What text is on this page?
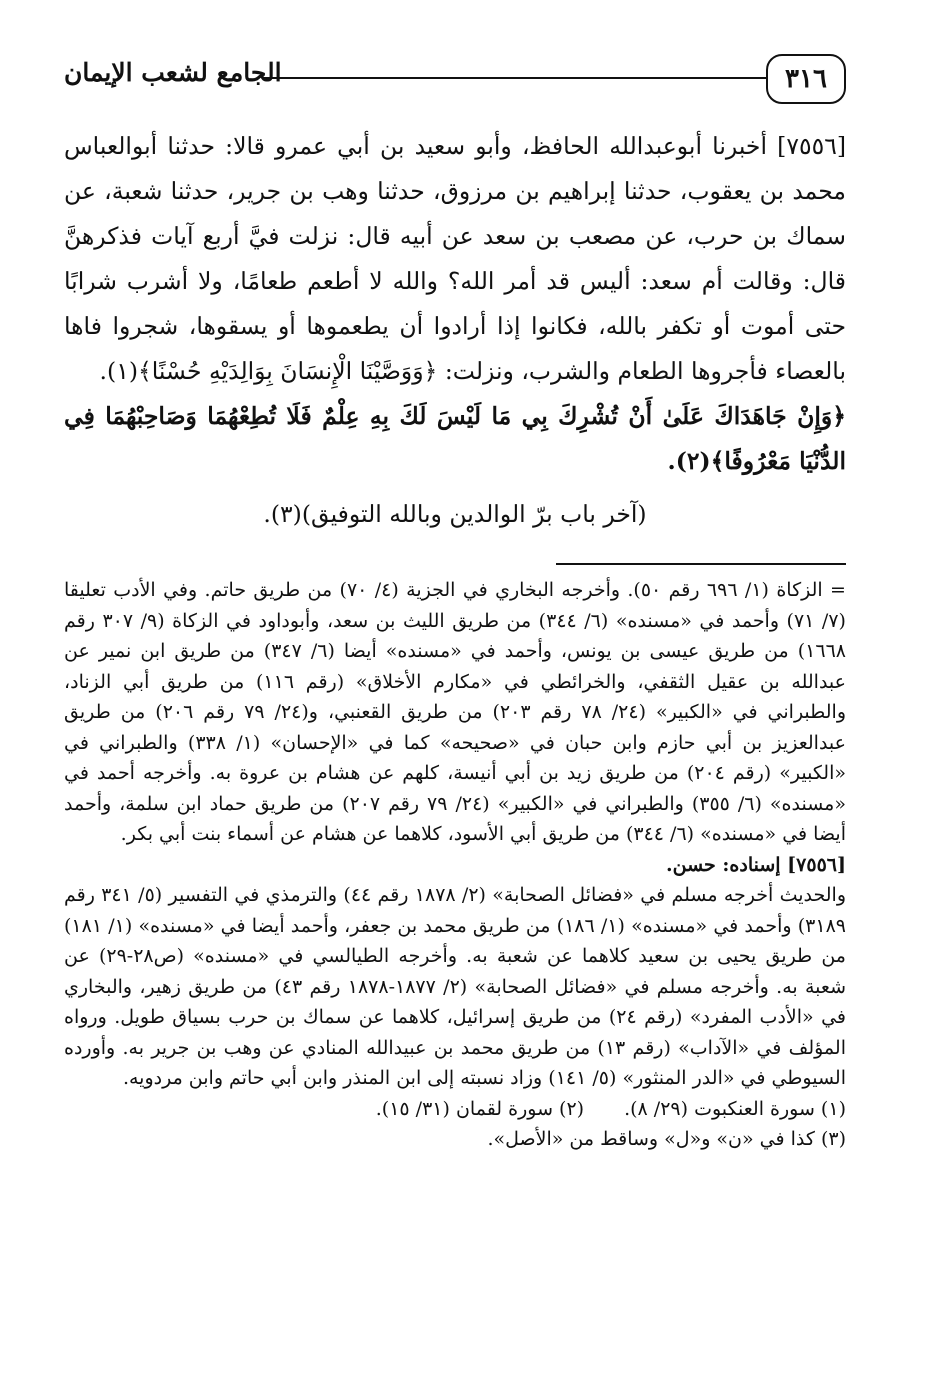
٣١٦
الجامع لشعب الإيمان

[٧٥٥٦] أخبرنا أبوعبدالله الحافظ، وأبو سعيد بن أبي عمرو قالا: حدثنا أبوالعباس محمد بن يعقوب، حدثنا إبراهيم بن مرزوق، حدثنا وهب بن جرير، حدثنا شعبة، عن سماك بن حرب، عن مصعب بن سعد عن أبيه قال: نزلت فيَّ أربع آيات فذكرهنَّ قال: وقالت أم سعد: أليس قد أمر الله؟ والله لا أطعم طعامًا، ولا أشرب شرابًا حتى أموت أو تكفر بالله، فكانوا إذا أرادوا أن يطعموها أو يسقوها، شجروا فاها بالعصاء فأجروها الطعام والشرب، ونزلت: ﴿وَوَصَّيْنَا الْإِنسَانَ بِوَالِدَيْهِ حُسْنًا﴾(١).

﴿وَإِنْ جَاهَدَاكَ عَلَىٰ أَنْ تُشْرِكَ بِي مَا لَيْسَ لَكَ بِهِ عِلْمٌ فَلَا تُطِعْهُمَا وَصَاحِبْهُمَا فِي الدُّنْيَا مَعْرُوفًا﴾(٢).

(آخر باب برّ الوالدين وبالله التوفيق)(٣).

= الزكاة (١/ ٦٩٦ رقم ٥٠). وأخرجه البخاري في الجزية (٤/ ٧٠) من طريق حاتم. وفي الأدب تعليقا (٧/ ٧١) وأحمد في «مسنده» (٦/ ٣٤٤) من طريق الليث بن سعد، وأبوداود في الزكاة (٩/ ٣٠٧ رقم ١٦٦٨) من طريق عيسى بن يونس، وأحمد في «مسنده» أيضا (٦/ ٣٤٧) من طريق ابن نمير عن عبدالله بن عقيل الثقفي، والخرائطي في «مكارم الأخلاق» (رقم ١١٦) من طريق أبي الزناد، والطبراني في «الكبير» (٢٤/ ٧٨ رقم ٢٠٣) من طريق القعنبي، و(٢٤/ ٧٩ رقم ٢٠٦) من طريق عبدالعزيز بن أبي حازم وابن حبان في «صحيحه» كما في «الإحسان» (١/ ٣٣٨) والطبراني في «الكبير» (رقم ٢٠٤) من طريق زيد بن أبي أنيسة، كلهم عن هشام بن عروة به. وأخرجه أحمد في «مسنده» (٦/ ٣٥٥) والطبراني في «الكبير» (٢٤/ ٧٩ رقم ٢٠٧) من طريق حماد ابن سلمة، وأحمد أيضا في «مسنده» (٦/ ٣٤٤) من طريق أبي الأسود، كلاهما عن هشام عن أسماء بنت أبي بكر.

[٧٥٥٦] إسناده: حسن.

والحديث أخرجه مسلم في «فضائل الصحابة» (٢/ ١٨٧٨ رقم ٤٤) والترمذي في التفسير (٥/ ٣٤١ رقم ٣١٨٩) وأحمد في «مسنده» (١/ ١٨٦) من طريق محمد بن جعفر، وأحمد أيضا في «مسنده» (١/ ١٨١) من طريق يحيى بن سعيد كلاهما عن شعبة به. وأخرجه الطيالسي في «مسنده» (ص٢٨-٢٩) عن شعبة به. وأخرجه مسلم في «فضائل الصحابة» (٢/ ١٨٧٧-١٨٧٨ رقم ٤٣) من طريق زهير، والبخاري في «الأدب المفرد» (رقم ٢٤) من طريق إسرائيل، كلاهما عن سماك بن حرب بسياق طويل. ورواه المؤلف في «الآداب» (رقم ١٣) من طريق محمد بن عبيدالله المنادي عن وهب بن جرير به. وأورده السيوطي في «الدر المنثور» (٥/ ١٤١) وزاد نسبته إلى ابن المنذر وابن أبي حاتم وابن مردويه.

(١) سورة العنكبوت (٢٩/ ٨).
(٢) سورة لقمان (٣١/ ١٥).

(٣) كذا في «ن» و«ل» وساقط من «الأصل».
